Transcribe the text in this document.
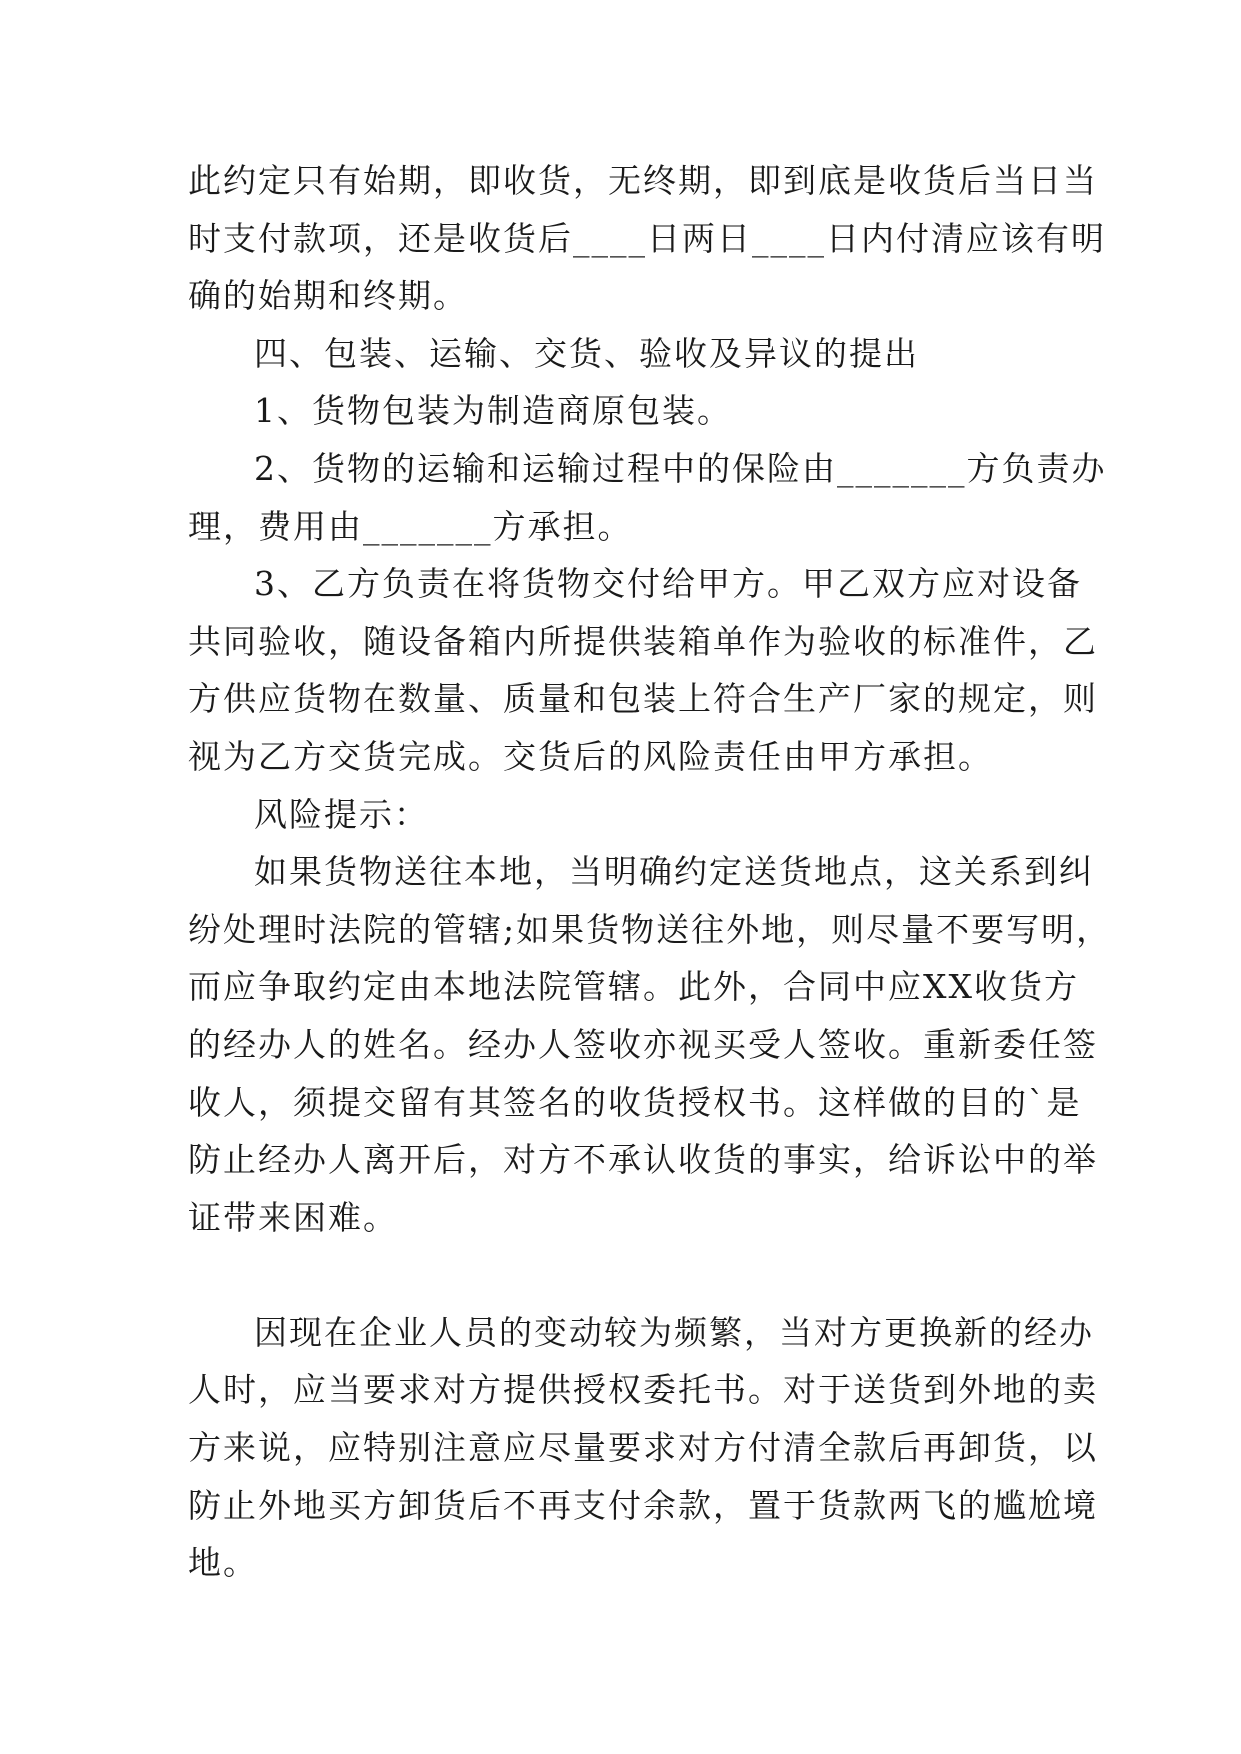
此约定只有始期，即收货，无终期，即到底是收货后当日当
时支付款项，还是收货后____日两日____日内付清应该有明
确的始期和终期。
四、包装、运输、交货、验收及异议的提出
1、货物包装为制造商原包装。
2、货物的运输和运输过程中的保险由_______方负责办
理，费用由_______方承担。
3、乙方负责在将货物交付给甲方。甲乙双方应对设备
共同验收，随设备箱内所提供装箱单作为验收的标准件，乙
方供应货物在数量、质量和包装上符合生产厂家的规定，则
视为乙方交货完成。交货后的风险责任由甲方承担。
风险提示：
如果货物送往本地，当明确约定送货地点，这关系到纠
纷处理时法院的管辖;如果货物送往外地，则尽量不要写明，
而应争取约定由本地法院管辖。此外，合同中应XX收货方
的经办人的姓名。经办人签收亦视买受人签收。重新委任签
收人，须提交留有其签名的收货授权书。这样做的目的`是
防止经办人离开后，对方不承认收货的事实，给诉讼中的举
证带来困难。
因现在企业人员的变动较为频繁，当对方更换新的经办
人时，应当要求对方提供授权委托书。对于送货到外地的卖
方来说，应特别注意应尽量要求对方付清全款后再卸货，以
防止外地买方卸货后不再支付余款，置于货款两飞的尴尬境
地。
